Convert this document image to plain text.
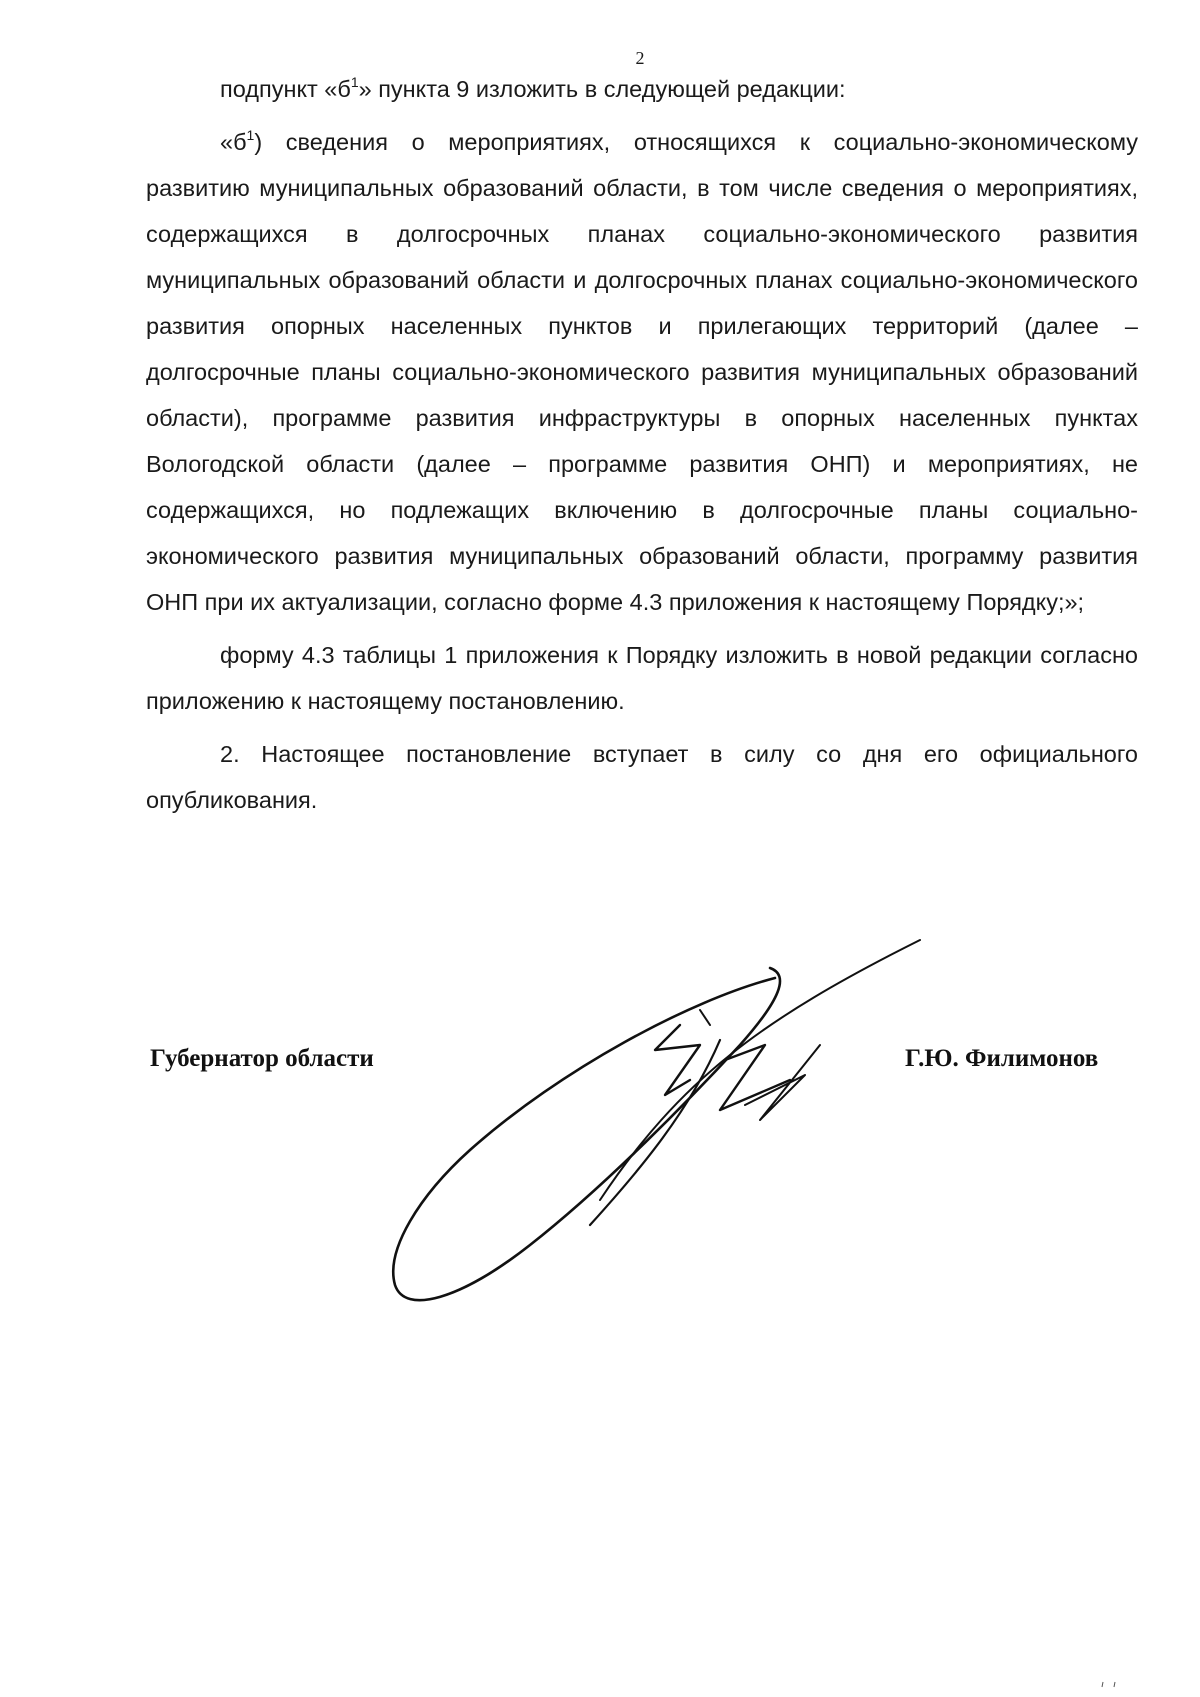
2

подпункт «$б^1$» пункта 9 изложить в следующей редакции:

«$б^1$) сведения о мероприятиях, относящихся к социально-экономическому развитию муниципальных образований области, в том числе сведения о мероприятиях, содержащихся в долгосрочных планах социально-экономического развития муниципальных образований области и долгосрочных планах социально-экономического развития опорных населенных пунктов и прилегающих территорий (далее – долгосрочные планы социально-экономического развития муниципальных образований области), программе развития инфраструктуры в опорных населенных пунктах Вологодской области (далее – программе развития ОНП) и мероприятиях, не содержащихся, но подлежащих включению в долгосрочные планы социально-экономического развития муниципальных образований области, программу развития ОНП при их актуализации, согласно форме 4.3 приложения к настоящему Порядку;»;

форму 4.3 таблицы 1 приложения к Порядку изложить в новой редакции согласно приложению к настоящему постановлению.

2. Настоящее постановление вступает в силу со дня его официального опубликования.

Губернатор области	Г.Ю. Филимонов
